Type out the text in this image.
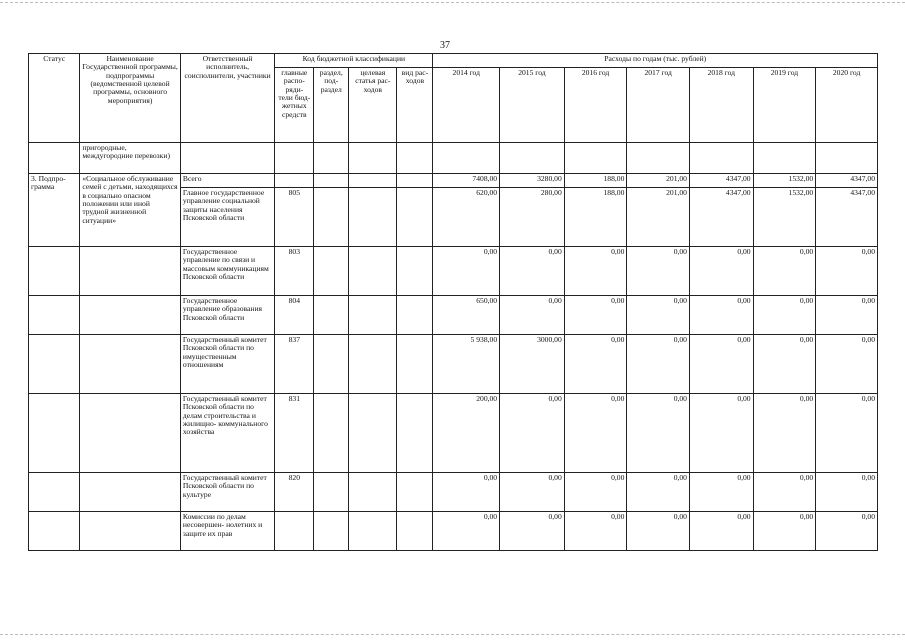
37
Статус	Наименование Государственной программы, подпрограммы (ведомственной целевой программы, основного мероприятия)	Ответственный исполнитель, соисполнители, участники	Код бюджетной классификации				Расходы по годам (тыс. рублей)						
			главные распо- ряди- тели бюд- жетных средств	раздел, под- раздел	целевая статья рас- ходов	вид рас- ходов	2014 год	2015 год	2016 год	2017 год	2018 год	2019 год	2020 год
	пригородные, междугородние перевозки)												
3. Подпро- грамма	«Социальное обслуживание семей с детьми, находящихся в социально опасном положении или иной трудной жизненной ситуации»	Всего					7408,00	3280,00	188,00	201,00	4347,00	1532,00	4347,00
		Главное государственное управление социальной защиты населения Псковской области	805				620,00	280,00	188,00	201,00	4347,00	1532,00	4347,00
		Государственное управление по связи и массовым коммуникациям Псковской области	803				0,00	0,00	0,00	0,00	0,00	0,00	0,00
		Государственное управление образования Псковской области	804				650,00	0,00	0,00	0,00	0,00	0,00	0,00
		Государственный комитет Псковской области по имущественным отношениям	837				5 938,00	3000,00	0,00	0,00	0,00	0,00	0,00
		Государственный комитет Псковской области по делам строительства и жилищно- коммунального хозяйства	831				200,00	0,00	0,00	0,00	0,00	0,00	0,00
		Государственный комитет Псковской области по культуре	820				0,00	0,00	0,00	0,00	0,00	0,00	0,00
		Комиссии по делам несовершен- нолетних и защите их прав					0,00	0,00	0,00	0,00	0,00	0,00	0,00
